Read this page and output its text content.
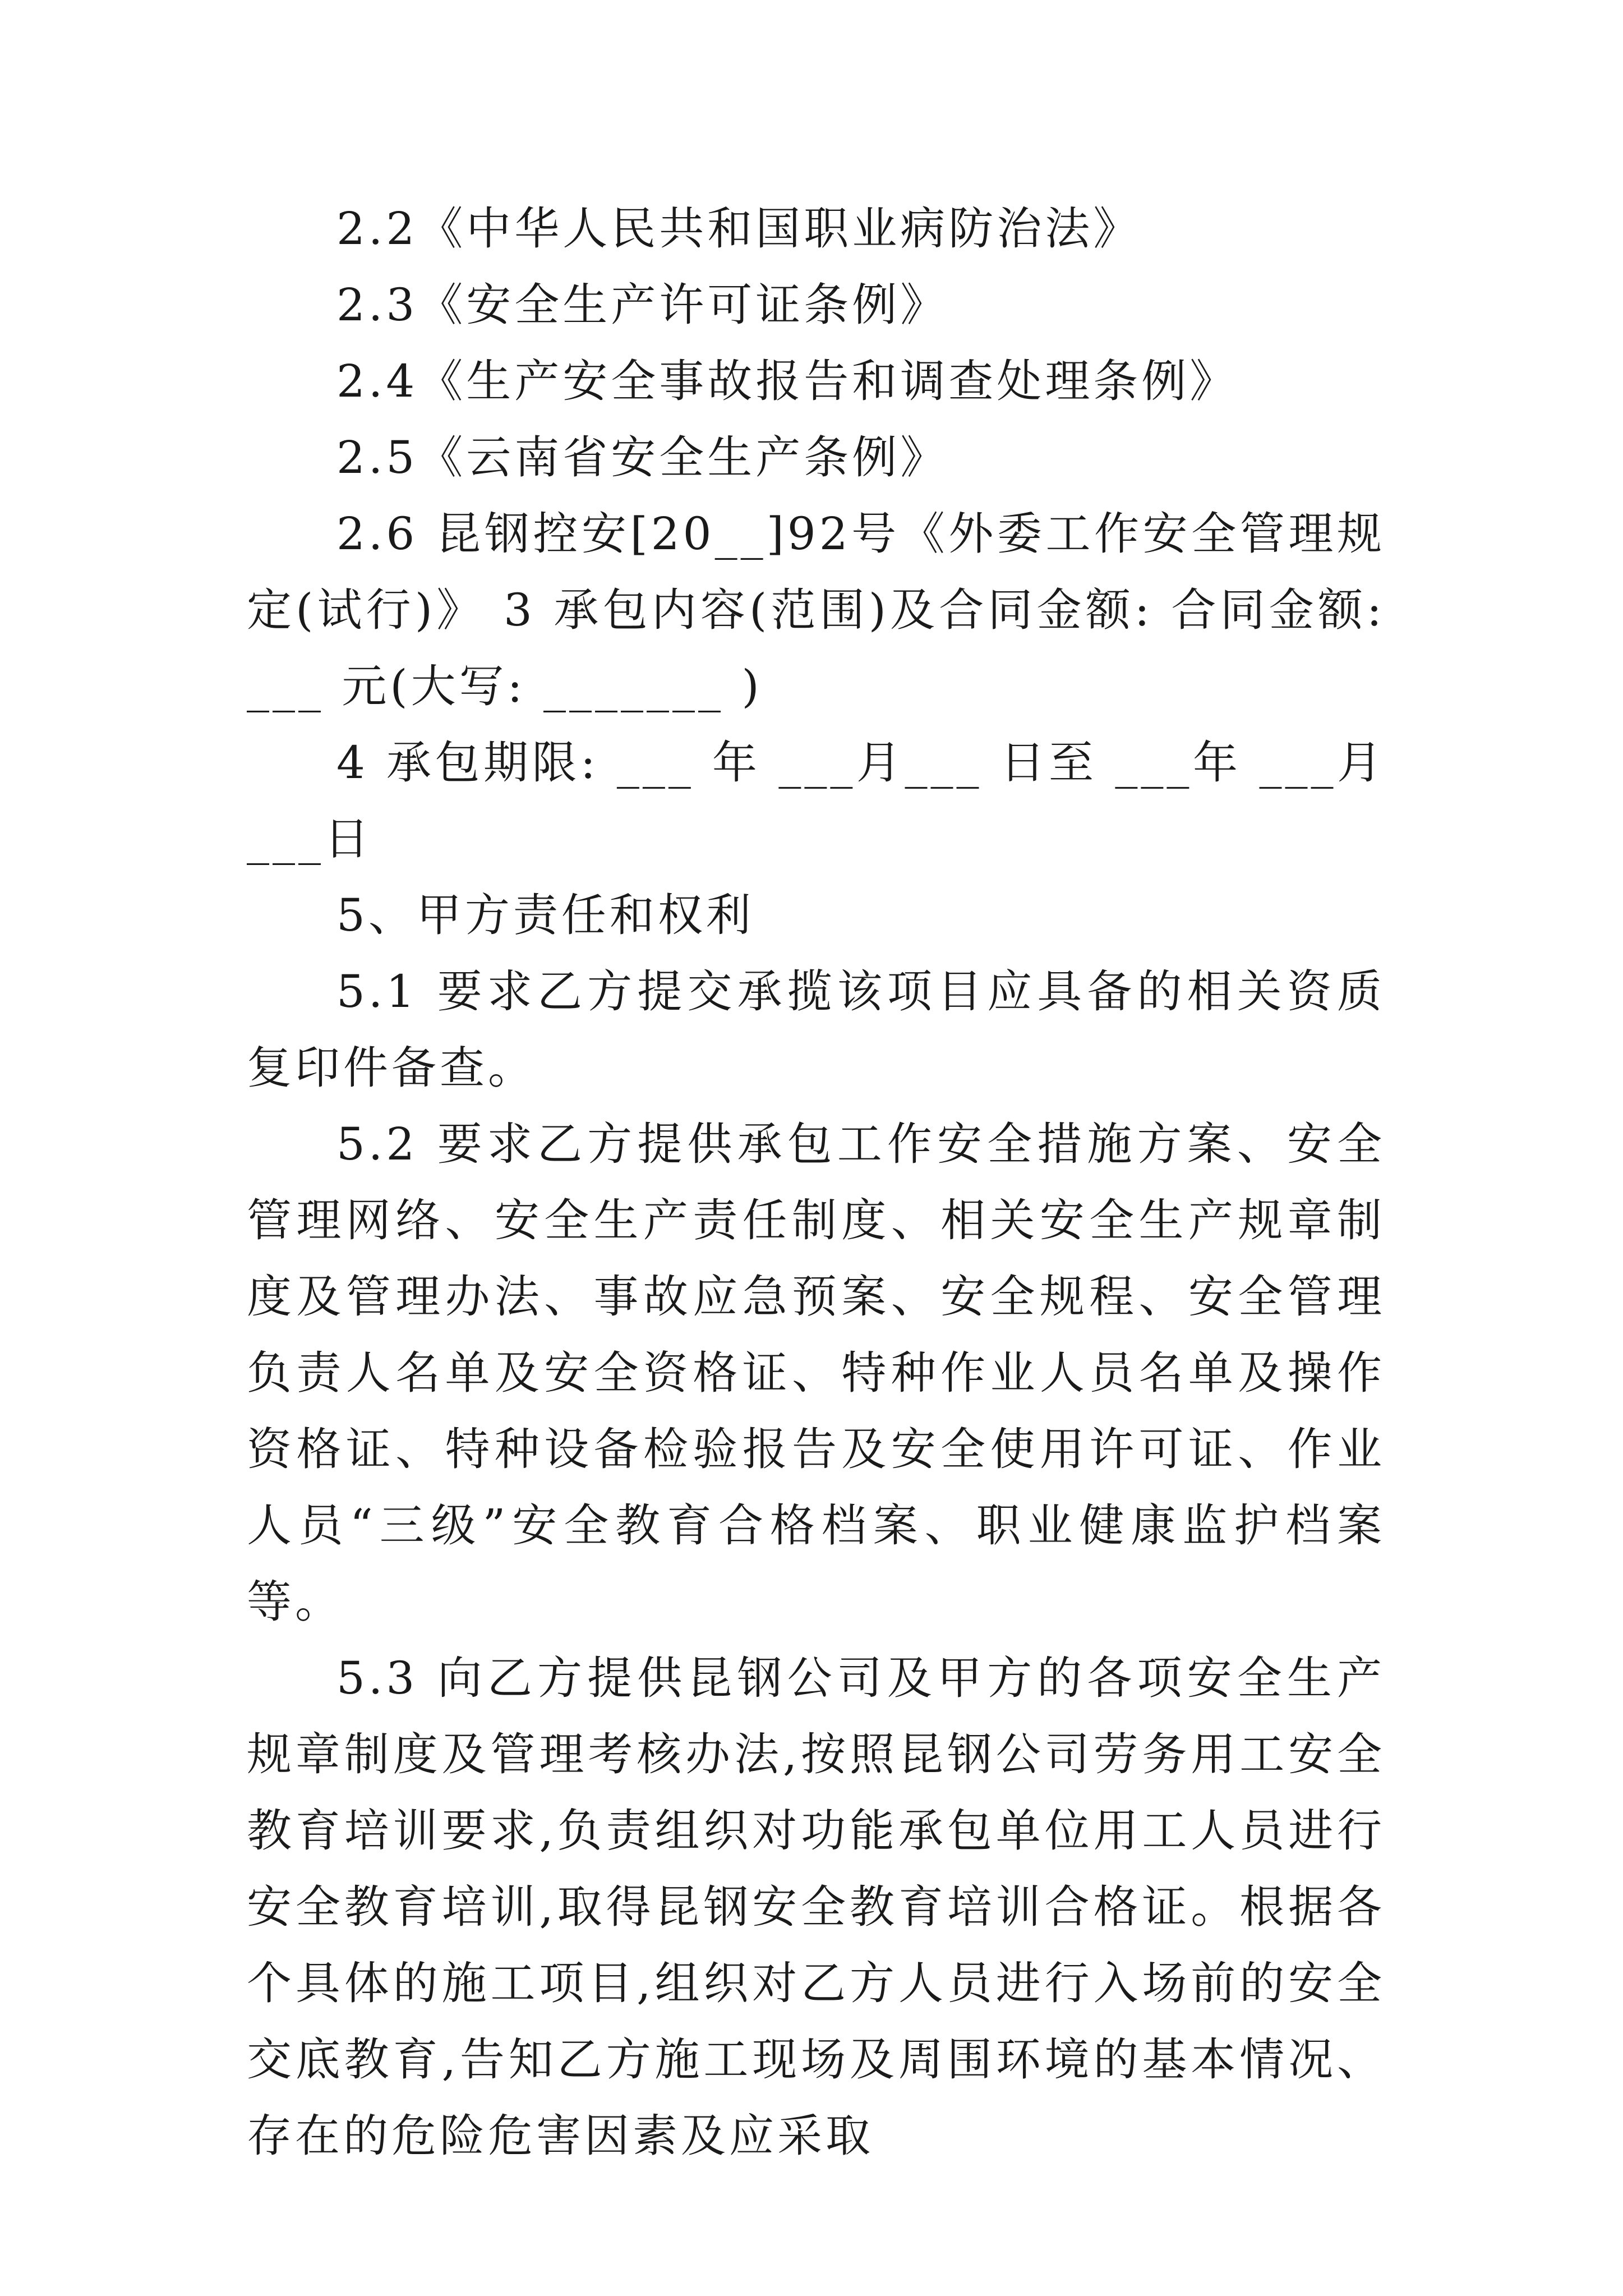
2.2《中华人民共和国职业病防治法》

2.3《安全生产许可证条例》

2.4《生产安全事故报告和调查处理条例》

2.5《云南省安全生产条例》

2.6 昆钢控安[20__]92号《外委工作安全管理规定(试行)》 3 承包内容(范围)及合同金额: 合同金额: ___ 元(大写: _______ )

4 承包期限: ___ 年 ___月___ 日至 ___年 ___月 ___日

5、甲方责任和权利

5.1 要求乙方提交承揽该项目应具备的相关资质复印件备查。

5.2 要求乙方提供承包工作安全措施方案、安全管理网络、安全生产责任制度、相关安全生产规章制度及管理办法、事故应急预案、安全规程、安全管理负责人名单及安全资格证、特种作业人员名单及操作资格证、特种设备检验报告及安全使用许可证、作业人员“三级”安全教育合格档案、职业健康监护档案等。

5.3 向乙方提供昆钢公司及甲方的各项安全生产规章制度及管理考核办法,按照昆钢公司劳务用工安全教育培训要求,负责组织对功能承包单位用工人员进行安全教育培训,取得昆钢安全教育培训合格证。根据各个具体的施工项目,组织对乙方人员进行入场前的安全交底教育,告知乙方施工现场及周围环境的基本情况、存在的危险危害因素及应采取
